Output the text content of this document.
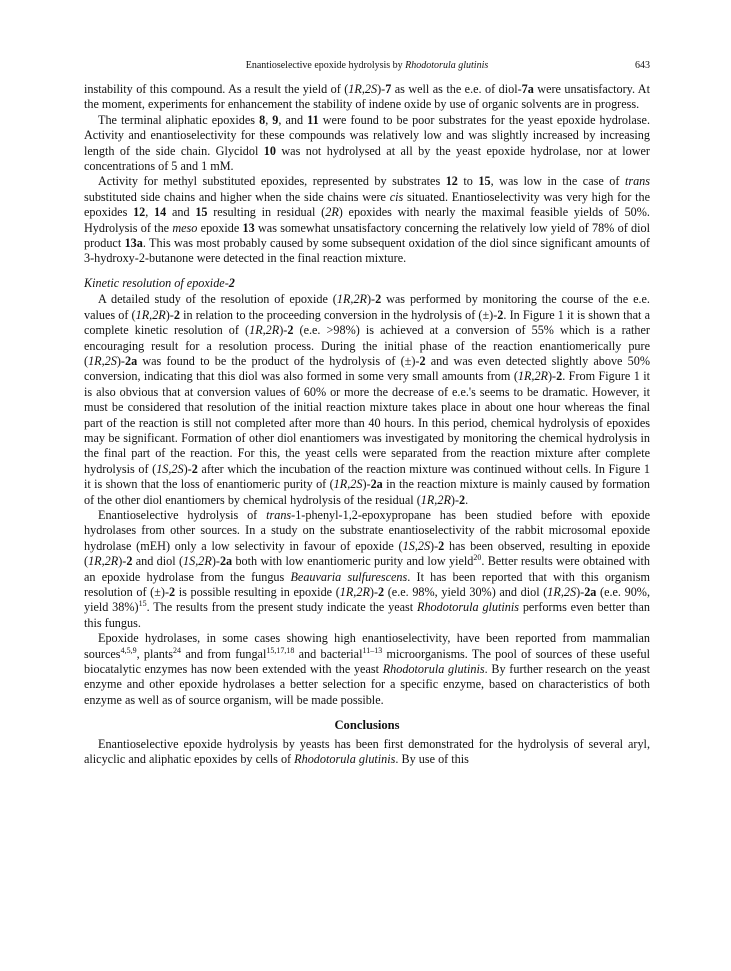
Enantioselective epoxide hydrolysis by Rhodotorula glutinis	643

instability of this compound. As a result the yield of (1R,2S)-7 as well as the e.e. of diol-7a were unsatisfactory. At the moment, experiments for enhancement the stability of indene oxide by use of organic solvents are in progress.

The terminal aliphatic epoxides 8, 9, and 11 were found to be poor substrates for the yeast epoxide hydrolase. Activity and enantioselectivity for these compounds was relatively low and was slightly increased by increasing length of the side chain. Glycidol 10 was not hydrolysed at all by the yeast epoxide hydrolase, nor at lower concentrations of 5 and 1 mM.

Activity for methyl substituted epoxides, represented by substrates 12 to 15, was low in the case of trans substituted side chains and higher when the side chains were cis situated. Enantioselectivity was very high for the epoxides 12, 14 and 15 resulting in residual (2R) epoxides with nearly the maximal feasible yields of 50%. Hydrolysis of the meso epoxide 13 was somewhat unsatisfactory concerning the relatively low yield of 78% of diol product 13a. This was most probably caused by some subsequent oxidation of the diol since significant amounts of 3-hydroxy-2-butanone were detected in the final reaction mixture.

Kinetic resolution of epoxide-2

A detailed study of the resolution of epoxide (1R,2R)-2 was performed by monitoring the course of the e.e. values of (1R,2R)-2 in relation to the proceeding conversion in the hydrolysis of (±)-2. In Figure 1 it is shown that a complete kinetic resolution of (1R,2R)-2 (e.e. >98%) is achieved at a conversion of 55% which is a rather encouraging result for a resolution process. During the initial phase of the reaction enantiomerically pure (1R,2S)-2a was found to be the product of the hydrolysis of (±)-2 and was even detected slightly above 50% conversion, indicating that this diol was also formed in some very small amounts from (1R,2R)-2. From Figure 1 it is also obvious that at conversion values of 60% or more the decrease of e.e.'s seems to be dramatic. However, it must be considered that resolution of the initial reaction mixture takes place in about one hour whereas the final part of the reaction is still not completed after more than 40 hours. In this period, chemical hydrolysis of epoxides may be significant. Formation of other diol enantiomers was investigated by monitoring the chemical hydrolysis in the final part of the reaction. For this, the yeast cells were separated from the reaction mixture after complete hydrolysis of (1S,2S)-2 after which the incubation of the reaction mixture was continued without cells. In Figure 1 it is shown that the loss of enantiomeric purity of (1R,2S)-2a in the reaction mixture is mainly caused by formation of the other diol enantiomers by chemical hydrolysis of the residual (1R,2R)-2.

Enantioselective hydrolysis of trans-1-phenyl-1,2-epoxypropane has been studied before with epoxide hydrolases from other sources. In a study on the substrate enantioselectivity of the rabbit microsomal epoxide hydrolase (mEH) only a low selectivity in favour of epoxide (1S,2S)-2 has been observed, resulting in epoxide (1R,2R)-2 and diol (1S,2R)-2a both with low enantiomeric purity and low yield$^{20}$. Better results were obtained with an epoxide hydrolase from the fungus Beauvaria sulfurescens. It has been reported that with this organism resolution of (±)-2 is possible resulting in epoxide (1R,2R)-2 (e.e. 98%, yield 30%) and diol (1R,2S)-2a (e.e. 90%, yield 38%)$^{15}$. The results from the present study indicate the yeast Rhodotorula glutinis performs even better than this fungus.

Epoxide hydrolases, in some cases showing high enantioselectivity, have been reported from mammalian sources$^{4,5,9}$, plants$^{24}$ and from fungal$^{15,17,18}$ and bacterial$^{11-13}$ microorganisms. The pool of sources of these useful biocatalytic enzymes has now been extended with the yeast Rhodotorula glutinis. By further research on the yeast enzyme and other epoxide hydrolases a better selection for a specific enzyme, based on characteristics of both enzyme as well as of source organism, will be made possible.

Conclusions

Enantioselective epoxide hydrolysis by yeasts has been first demonstrated for the hydrolysis of several aryl, alicyclic and aliphatic epoxides by cells of Rhodotorula glutinis. By use of this
